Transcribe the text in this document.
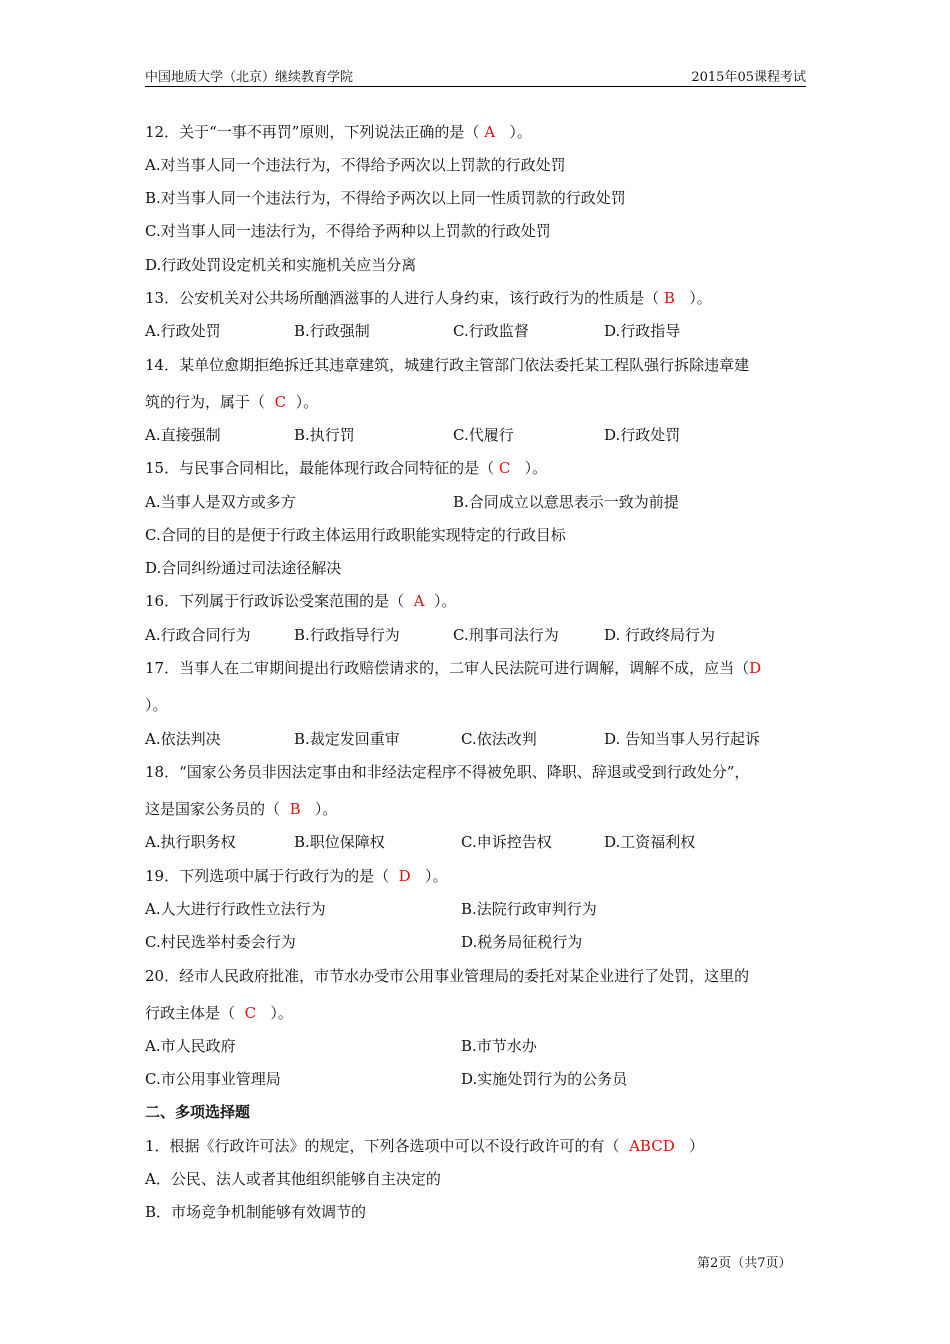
中国地质大学（北京）继续教育学院	2015年05课程考试
12．关于“一事不再罚”原则，下列说法正确的是（ A ）。
A.对当事人同一个违法行为，不得给予两次以上罚款的行政处罚
B.对当事人同一个违法行为，不得给予两次以上同一性质罚款的行政处罚
C.对当事人同一违法行为，不得给予两种以上罚款的行政处罚
D.行政处罚设定机关和实施机关应当分离
13．公安机关对公共场所酗酒滋事的人进行人身约束，该行政行为的性质是（ B ）。
A.行政处罚	B.行政强制	C.行政监督	D.行政指导
14．某单位愈期拒绝拆迁其违章建筑，城建行政主管部门依法委托某工程队强行拆除违章建
筑的行为，属于（ C ）。
A.直接强制	B.执行罚	C.代履行	D.行政处罚
15．与民事合同相比，最能体现行政合同特征的是（ C ）。
A.当事人是双方或多方	B.合同成立以意思表示一致为前提
C.合同的目的是便于行政主体运用行政职能实现特定的行政目标
D.合同纠纷通过司法途径解决
16．下列属于行政诉讼受案范围的是（ A ）。
A.行政合同行为	B.行政指导行为	C.刑事司法行为	D. 行政终局行为
17．当事人在二审期间提出行政赔偿请求的，二审人民法院可进行调解，调解不成，应当（D
）。
A.依法判决	B.裁定发回重审	C.依法改判	D. 告知当事人另行起诉
18．“国家公务员非因法定事由和非经法定程序不得被免职、降职、辞退或受到行政处分”，
这是国家公务员的（ B ）。
A.执行职务权	B.职位保障权	C.申诉控告权	D.工资福利权
19．下列选项中属于行政行为的是（ D ）。
A.人大进行行政性立法行为	B.法院行政审判行为
C.村民选举村委会行为	D.税务局征税行为
20．经市人民政府批准，市节水办受市公用事业管理局的委托对某企业进行了处罚，这里的
行政主体是（ C ）。
A.市人民政府	B.市节水办
C.市公用事业管理局	D.实施处罚行为的公务员
二、多项选择题
1．根据《行政许可法》的规定，下列各选项中可以不设行政许可的有（ ABCD ）
A．公民、法人或者其他组织能够自主决定的
B．市场竞争机制能够有效调节的
第2页（共7页）
